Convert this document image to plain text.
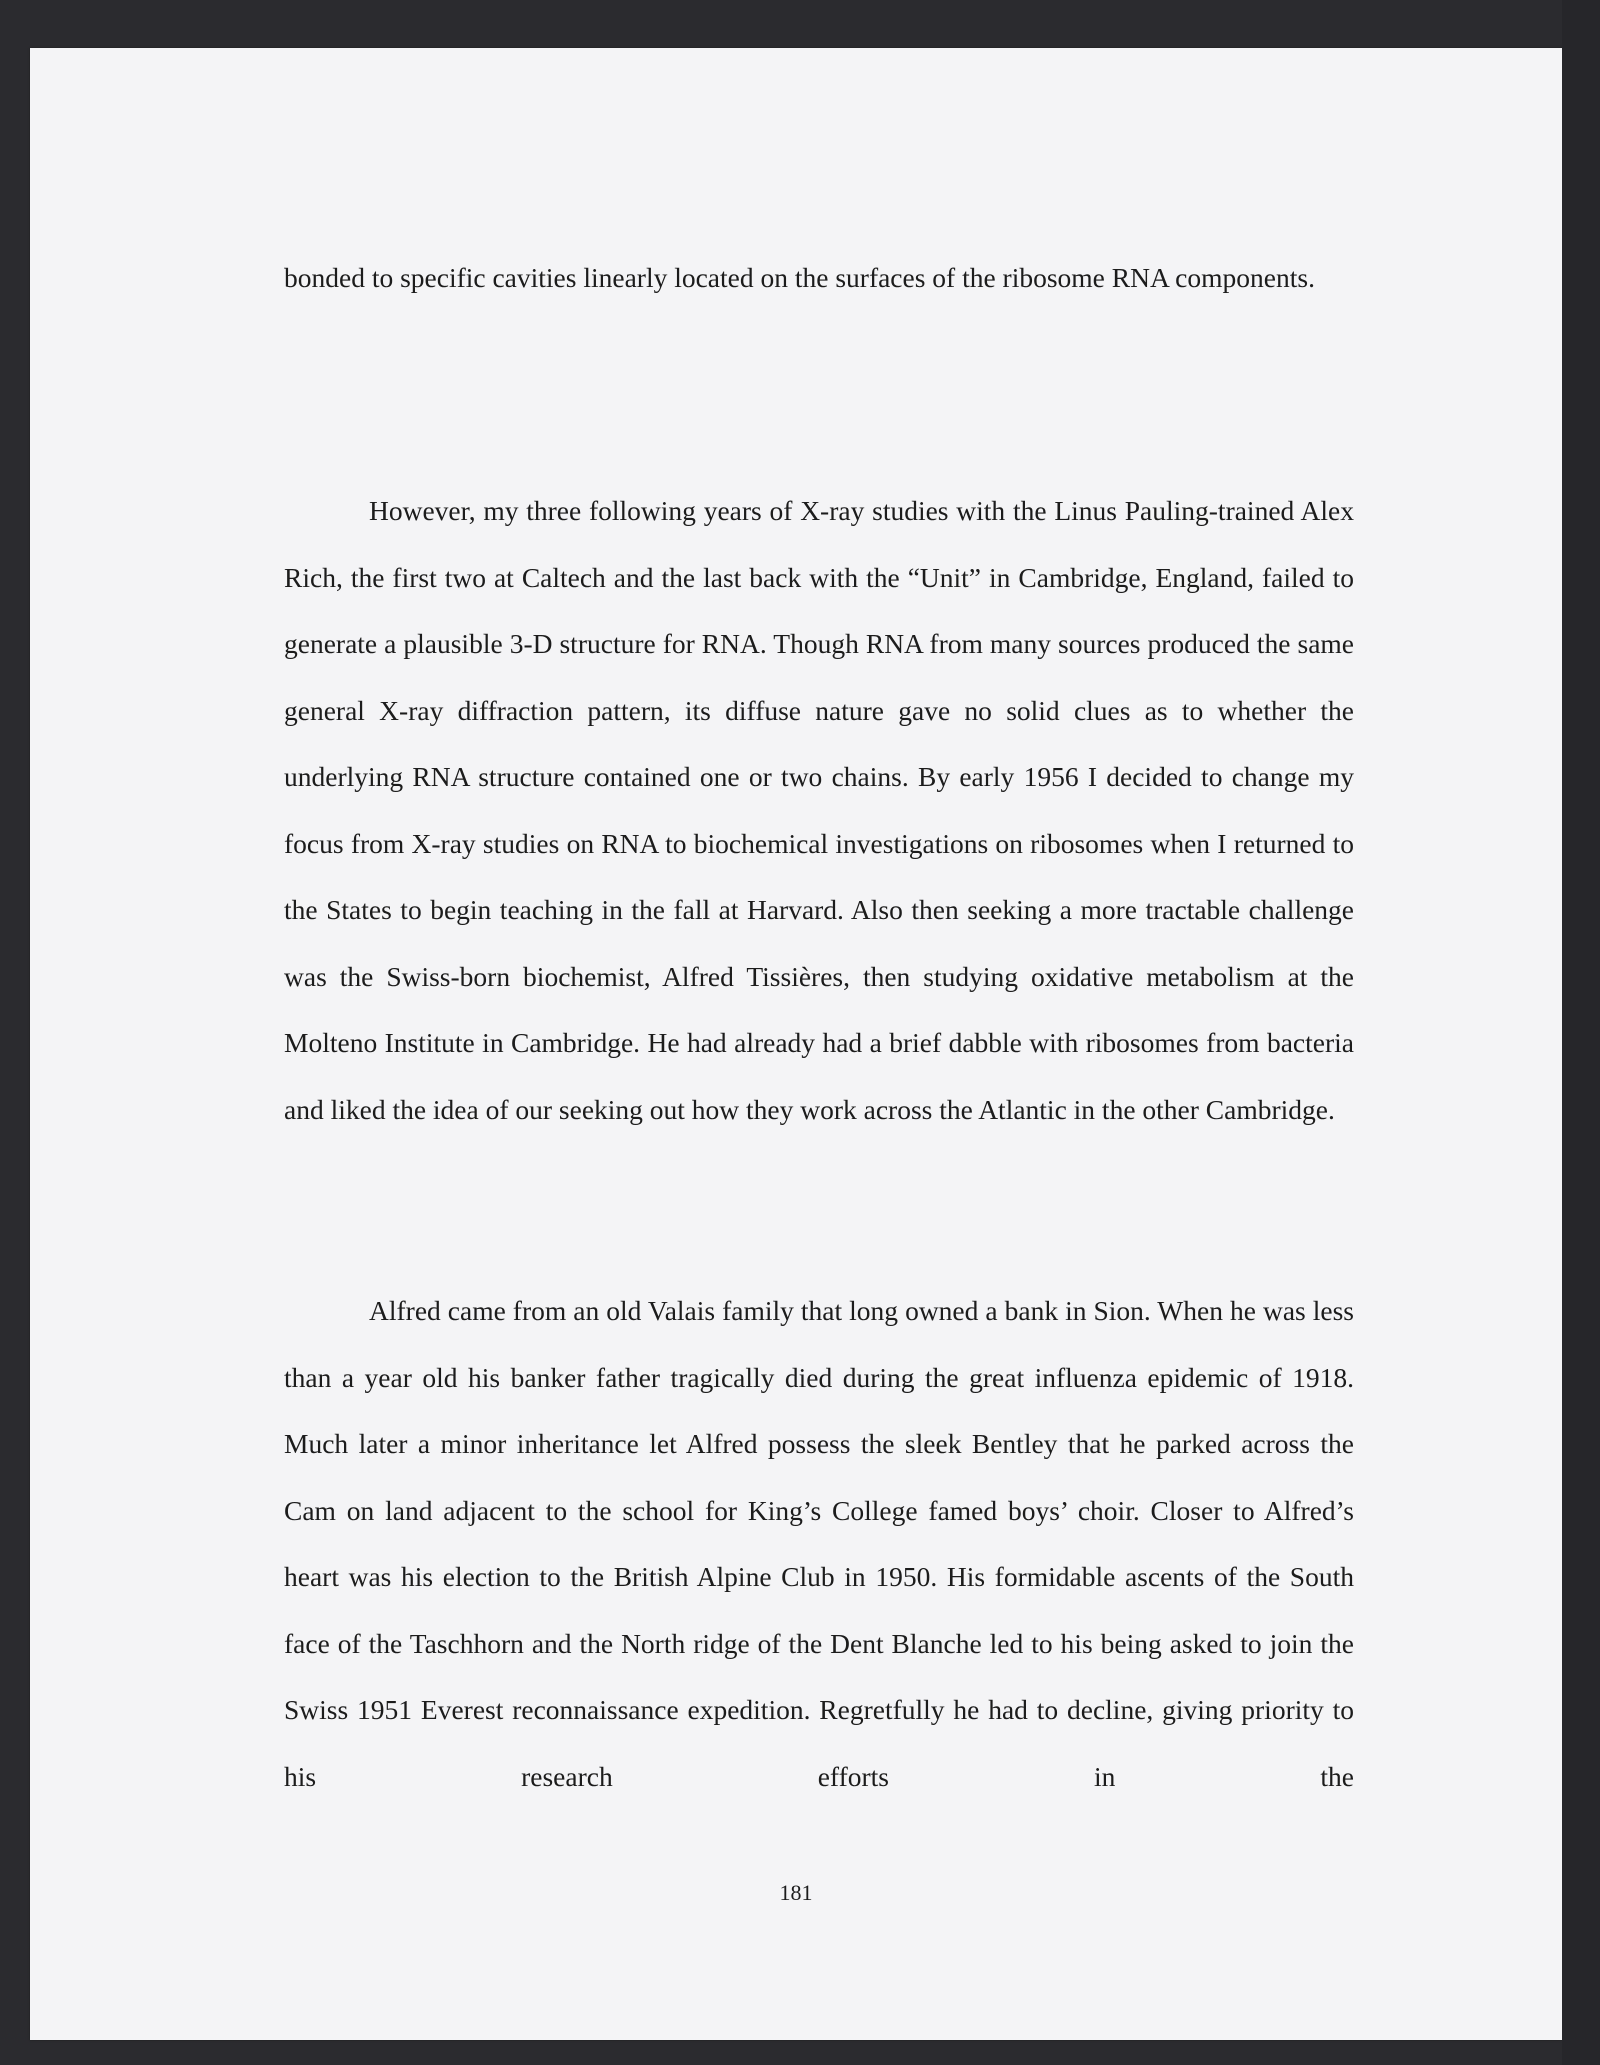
bonded to specific cavities linearly located on the surfaces of the ribosome RNA components.

However, my three following years of X-ray studies with the Linus Pauling-trained Alex Rich, the first two at Caltech and the last back with the “Unit” in Cambridge, England, failed to generate a plausible 3-D structure for RNA. Though RNA from many sources produced the same general X-ray diffraction pattern, its diffuse nature gave no solid clues as to whether the underlying RNA structure contained one or two chains. By early 1956 I decided to change my focus from X-ray studies on RNA to biochemical investigations on ribosomes when I returned to the States to begin teaching in the fall at Harvard. Also then seeking a more tractable challenge was the Swiss-born biochemist, Alfred Tissières, then studying oxidative metabolism at the Molteno Institute in Cambridge. He had already had a brief dabble with ribosomes from bacteria and liked the idea of our seeking out how they work across the Atlantic in the other Cambridge.

Alfred came from an old Valais family that long owned a bank in Sion. When he was less than a year old his banker father tragically died during the great influenza epidemic of 1918. Much later a minor inheritance let Alfred possess the sleek Bentley that he parked across the Cam on land adjacent to the school for King’s College famed boys’ choir. Closer to Alfred’s heart was his election to the British Alpine Club in 1950. His formidable ascents of the South face of the Taschhorn and the North ridge of the Dent Blanche led to his being asked to join the Swiss 1951 Everest reconnaissance expedition. Regretfully he had to decline, giving priority to his research efforts in the

181
